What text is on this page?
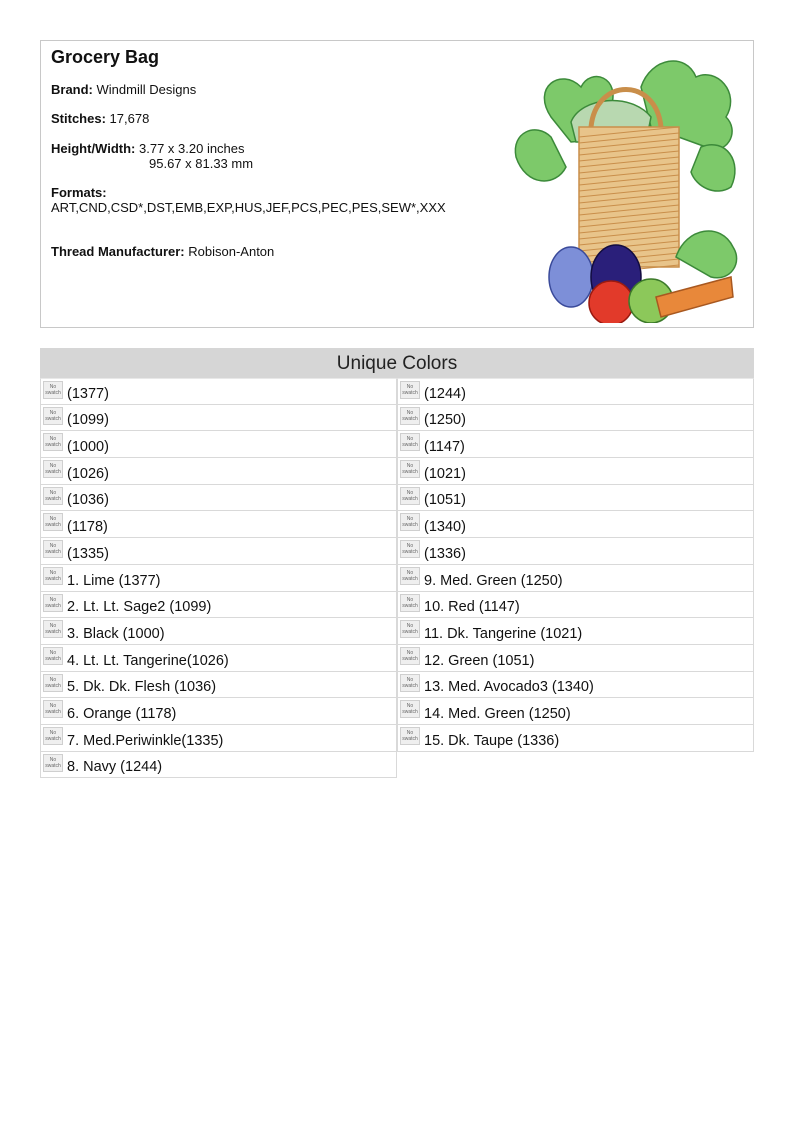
Grocery Bag
Brand: Windmill Designs
Stitches: 17,678
Height/Width: 3.77 x 3.20 inches
95.67 x 81.33 mm
Formats:
ART,CND,CSD*,DST,EMB,EXP,HUS,JEF,PCS,PEC,PES,SEW*,XXX
Thread Manufacturer: Robison-Anton
Unique Colors
No
swatch (1377)
No
swatch (1099)
No
swatch (1000)
No
swatch (1026)
No
swatch (1036)
No
swatch (1178)
No
swatch (1335)
No
swatch 1. Lime (1377)
No
swatch 2. Lt. Lt. Sage2 (1099)
No
swatch 3. Black (1000)
No
swatch 4. Lt. Lt. Tangerine(1026)
No
swatch 5. Dk. Dk. Flesh (1036)
No
swatch 6. Orange (1178)
No
swatch 7. Med.Periwinkle(1335)
No
swatch 8. Navy (1244)
No
swatch (1244)
No
swatch (1250)
No
swatch (1147)
No
swatch (1021)
No
swatch (1051)
No
swatch (1340)
No
swatch (1336)
No
swatch 9. Med. Green (1250)
No
swatch 10. Red (1147)
No
swatch 11. Dk. Tangerine (1021)
No
swatch 12. Green (1051)
No
swatch 13. Med. Avocado3 (1340)
No
swatch 14. Med. Green (1250)
No
swatch 15. Dk. Taupe (1336)
